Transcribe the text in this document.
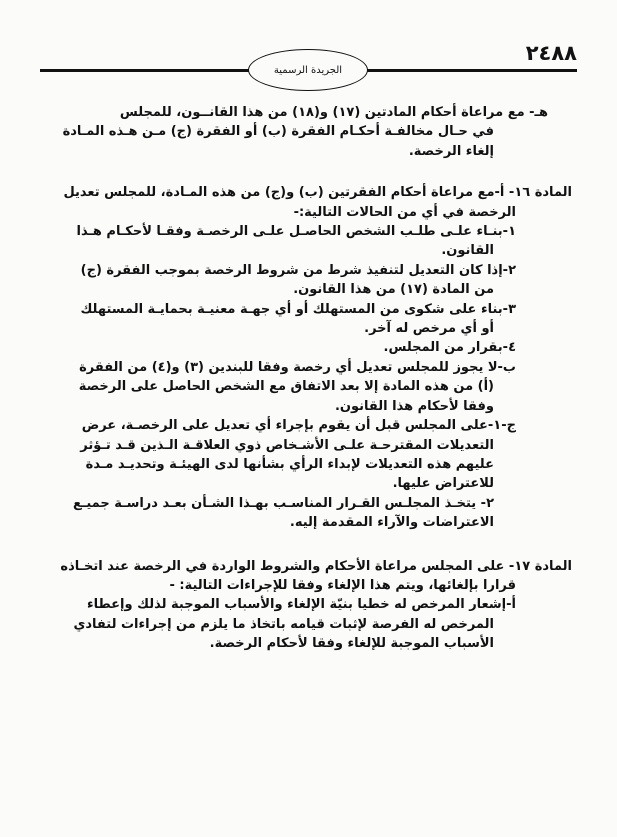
٢٤٨٨
الجريدة الرسمية
هـ- مع مراعاة أحكام المادتين (١٧) و(١٨) من هذا القانــون، للمجلس
في حـال مخالفـة أحكـام الفقرة (ب) أو الفقرة (ج) مـن هـذه المـادة
إلغاء الرخصة.
المادة ١٦- أ-مع مراعاة أحكام الفقرتين (ب) و(ج) من هذه المـادة، للمجلس تعديل
الرخصة في أي من الحالات التالية:-
١-بنـاء علـى طلـب الشخص الحاصـل علـى الرخصـة وفقـا لأحكـام هـذا
القانون.
٢-إذا كان التعديل لتنفيذ شرط من شروط الرخصة بموجب الفقرة (ج)
من المادة (١٧) من هذا القانون.
٣-بناء على شكوى من المستهلك أو أي جهـة معنيـة بحمايـة المستهلك
أو أي مرخص له آخر.
٤-بقرار من المجلس.
ب-لا يجوز للمجلس تعديل أي رخصة وفقا للبندين (٣) و(٤) من الفقرة
(أ) من هذه المادة إلا بعد الاتفاق مع الشخص الحاصل على الرخصة
وفقا لأحكام هذا القانون.
ج-١-على المجلس قبل أن يقوم بإجراء أي تعديل على الرخصـة، عرض
التعديلات المقترحـة علـى الأشـخاص ذوي العلاقـة الـذين قـد تـؤثر
عليهم هذه التعديلات لإبداء الرأي بشأنها لدى الهيئـة وتحديـد مـدة
للاعتراض عليها.
٢- يتخـذ المجلـس القـرار المناسـب بهـذا الشـأن بعـد دراسـة جميـع
الاعتراضات والآراء المقدمة إليه.
المادة ١٧- على المجلس مراعاة الأحكام والشروط الواردة في الرخصة عند اتخـاذه
قرارا بإلغائها، ويتم هذا الإلغاء وفقا للإجراءات التالية: -
أ-إشعار المرخص له خطيا بنيّة الإلغاء والأسباب الموجبة لذلك وإعطاء
المرخص له الفرصة لإثبات قيامه باتخاذ ما يلزم من إجراءات لتفادي
الأسباب الموجبة للإلغاء وفقا لأحكام الرخصة.
